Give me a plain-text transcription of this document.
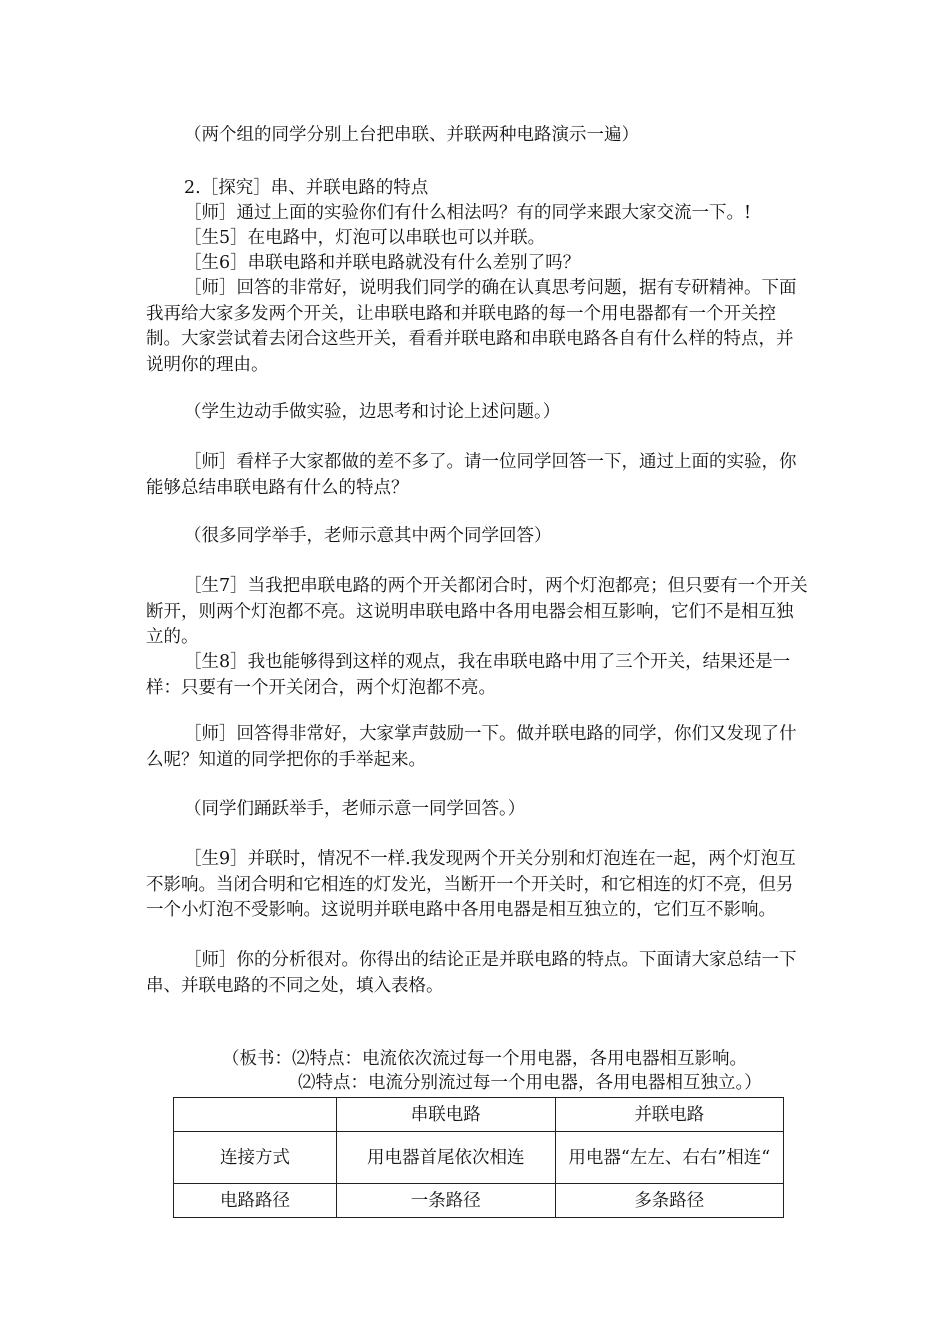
（两个组的同学分别上台把串联、并联两种电路演示一遍）

2.［探究］串、并联电路的特点

［师］通过上面的实验你们有什么相法吗？有的同学来跟大家交流一下。!

［生5］在电路中，灯泡可以串联也可以并联。

［生6］串联电路和并联电路就没有什么差别了吗？

［师］回答的非常好，说明我们同学的确在认真思考问题，据有专研精神。下面我再给大家多发两个开关，让串联电路和并联电路的每一个用电器都有一个开关控制。大家尝试着去闭合这些开关，看看并联电路和串联电路各自有什么样的特点，并说明你的理由。

（学生边动手做实验，边思考和讨论上述问题。）

［师］看样子大家都做的差不多了。请一位同学回答一下，通过上面的实验，你能够总结串联电路有什么的特点？

（很多同学举手，老师示意其中两个同学回答）

［生7］当我把串联电路的两个开关都闭合时，两个灯泡都亮；但只要有一个开关断开，则两个灯泡都不亮。这说明串联电路中各用电器会相互影响，它们不是相互独立的。

［生8］我也能够得到这样的观点，我在串联电路中用了三个开关，结果还是一样：只要有一个开关闭合，两个灯泡都不亮。

［师］回答得非常好，大家掌声鼓励一下。做并联电路的同学，你们又发现了什么呢？知道的同学把你的手举起来。

（同学们踊跃举手，老师示意一同学回答。）

［生9］并联时，情况不一样.我发现两个开关分别和灯泡连在一起，两个灯泡互不影响。当闭合明和它相连的灯发光，当断开一个开关时，和它相连的灯不亮，但另一个小灯泡不受影响。这说明并联电路中各用电器是相互独立的，它们互不影响。

［师］你的分析很对。你得出的结论正是并联电路的特点。下面请大家总结一下串、并联电路的不同之处，填入表格。

（板书：⑵特点：电流依次流过每一个用电器，各用电器相互影响。

⑵特点：电流分别流过每一个用电器，各用电器相互独立。）

	串联电路	并联电路
连接方式	用电器首尾依次相连	用电器“左左、右右”相连“
电路路径	一条路径	多条路径
